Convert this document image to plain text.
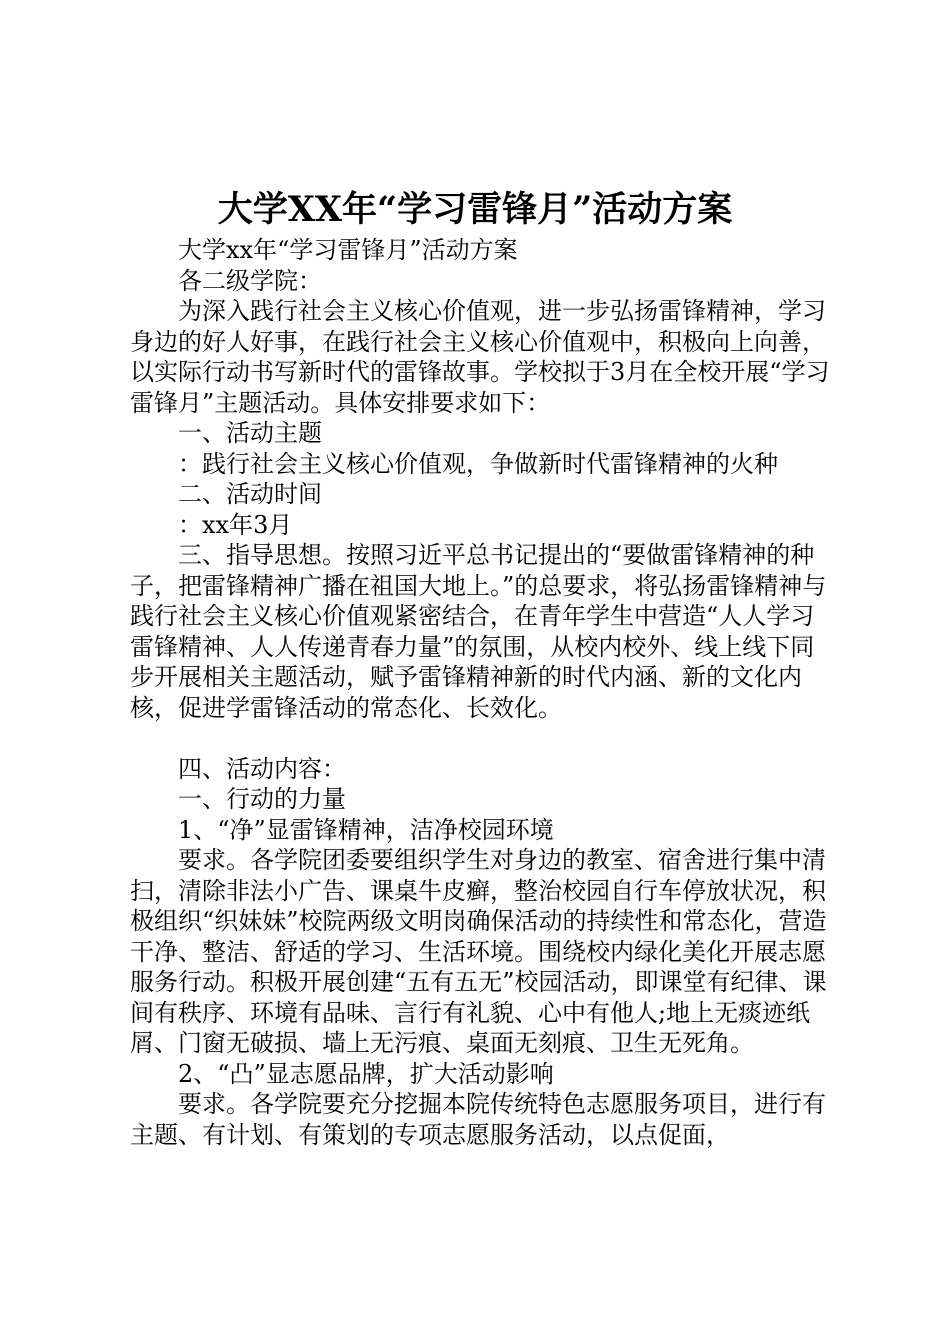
大学XX年“学习雷锋月”活动方案

大学xx年“学习雷锋月”活动方案

各二级学院：

为深入践行社会主义核心价值观，进一步弘扬雷锋精神，学习身边的好人好事，在践行社会主义核心价值观中，积极向上向善，以实际行动书写新时代的雷锋故事。学校拟于3月在全校开展“学习雷锋月”主题活动。具体安排要求如下：

一、活动主题

：践行社会主义核心价值观，争做新时代雷锋精神的火种

二、活动时间

：xx年3月

三、指导思想。按照习近平总书记提出的“要做雷锋精神的种子，把雷锋精神广播在祖国大地上。”的总要求，将弘扬雷锋精神与践行社会主义核心价值观紧密结合，在青年学生中营造“人人学习雷锋精神、人人传递青春力量”的氛围，从校内校外、线上线下同步开展相关主题活动，赋予雷锋精神新的时代内涵、新的文化内核，促进学雷锋活动的常态化、长效化。

四、活动内容：

一、行动的力量

1、“净”显雷锋精神，洁净校园环境

要求。各学院团委要组织学生对身边的教室、宿舍进行集中清扫，清除非法小广告、课桌牛皮癣，整治校园自行车停放状况，积极组织“织妹妹”校院两级文明岗确保活动的持续性和常态化，营造干净、整洁、舒适的学习、生活环境。围绕校内绿化美化开展志愿服务行动。积极开展创建“五有五无”校园活动，即课堂有纪律、课间有秩序、环境有品味、言行有礼貌、心中有他人;地上无痰迹纸屑、门窗无破损、墙上无污痕、桌面无刻痕、卫生无死角。

2、“凸”显志愿品牌，扩大活动影响

要求。各学院要充分挖掘本院传统特色志愿服务项目，进行有主题、有计划、有策划的专项志愿服务活动，以点促面，
